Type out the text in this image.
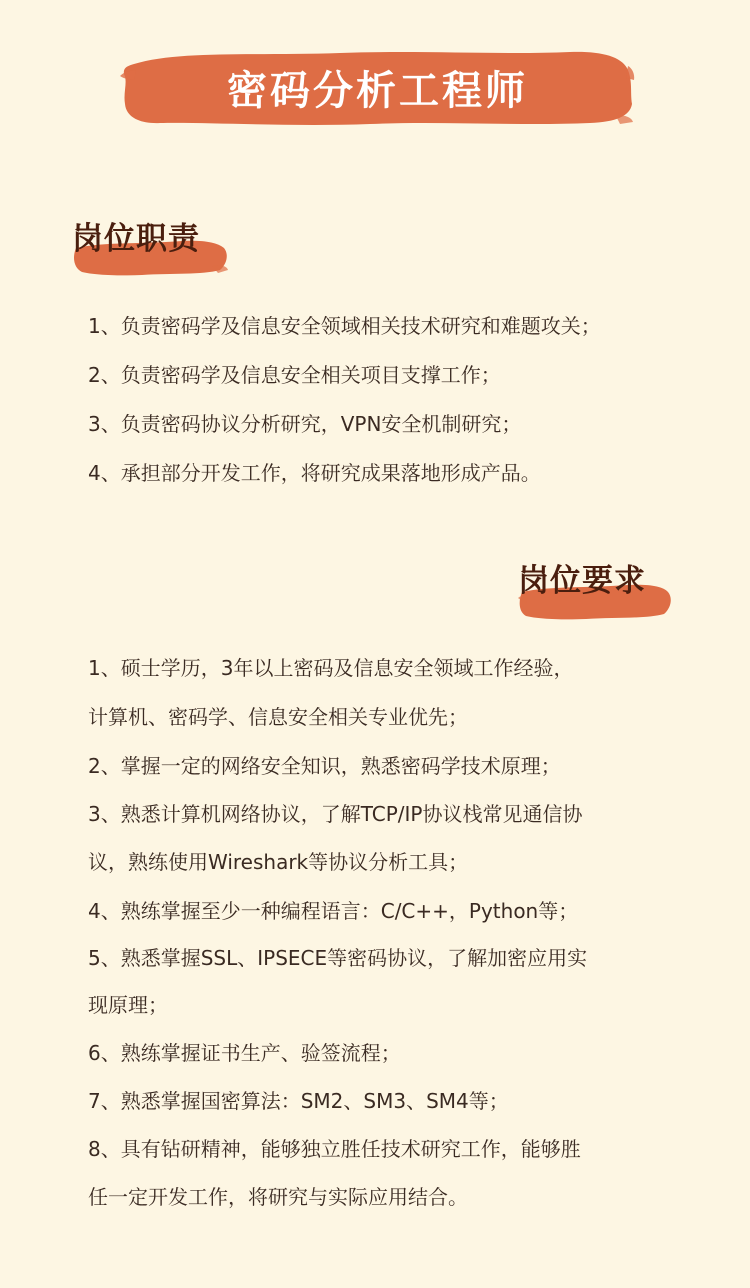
密码分析工程师
岗位职责
1、负责密码学及信息安全领域相关技术研究和难题攻关；
2、负责密码学及信息安全相关项目支撑工作；
3、负责密码协议分析研究，VPN安全机制研究；
4、承担部分开发工作，将研究成果落地形成产品。
岗位要求
1、硕士学历，3年以上密码及信息安全领域工作经验，
计算机、密码学、信息安全相关专业优先；
2、掌握一定的网络安全知识，熟悉密码学技术原理；
3、熟悉计算机网络协议，了解TCP/IP协议栈常见通信协
议，熟练使用Wireshark等协议分析工具；
4、熟练掌握至少一种编程语言：C/C++，Python等；
5、熟悉掌握SSL、IPSECE等密码协议，了解加密应用实
现原理；
6、熟练掌握证书生产、验签流程；
7、熟悉掌握国密算法：SM2、SM3、SM4等；
8、具有钻研精神，能够独立胜任技术研究工作，能够胜
任一定开发工作，将研究与实际应用结合。
